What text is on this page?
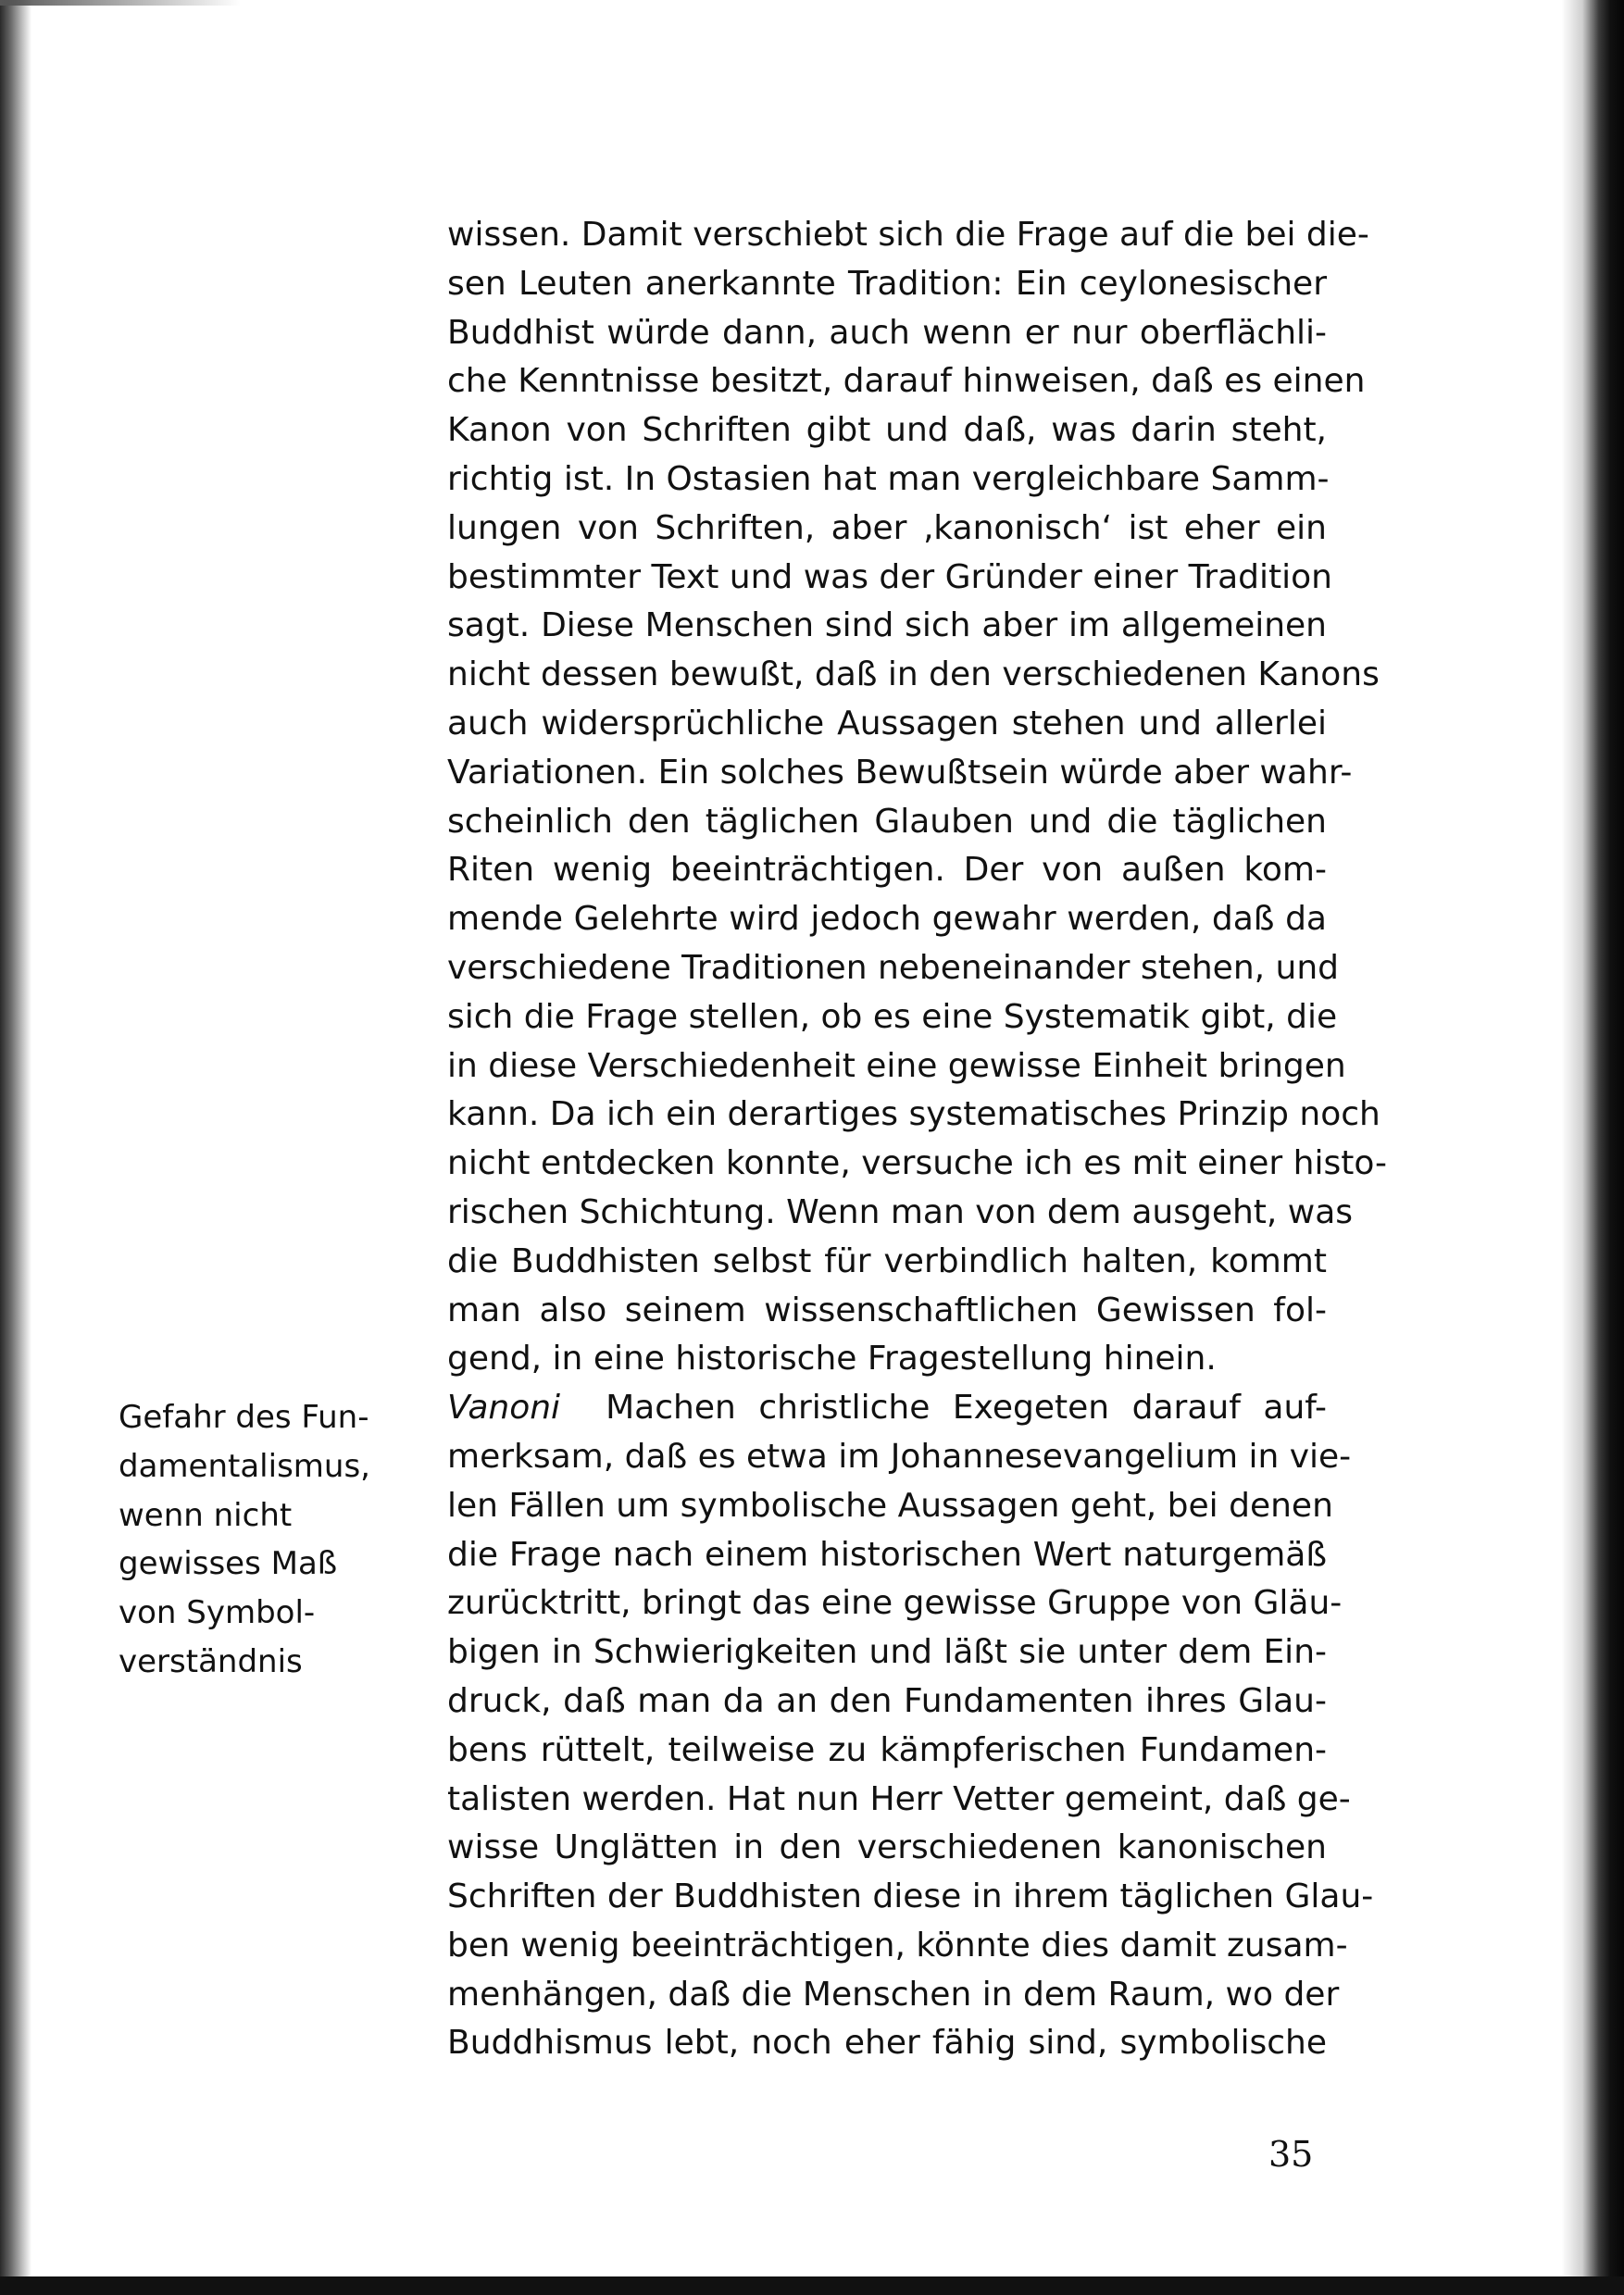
wissen. Damit verschiebt sich die Frage auf die bei die-
sen Leuten anerkannte Tradition: Ein ceylonesischer
Buddhist würde dann, auch wenn er nur oberflächli-
che Kenntnisse besitzt, darauf hinweisen, daß es einen
Kanon von Schriften gibt und daß, was darin steht,
richtig ist. In Ostasien hat man vergleichbare Samm-
lungen von Schriften, aber ‚kanonisch‘ ist eher ein
bestimmter Text und was der Gründer einer Tradition
sagt. Diese Menschen sind sich aber im allgemeinen
nicht dessen bewußt, daß in den verschiedenen Kanons
auch widersprüchliche Aussagen stehen und allerlei
Variationen. Ein solches Bewußtsein würde aber wahr-
scheinlich den täglichen Glauben und die täglichen
Riten wenig beeinträchtigen. Der von außen kom-
mende Gelehrte wird jedoch gewahr werden, daß da
verschiedene Traditionen nebeneinander stehen, und
sich die Frage stellen, ob es eine Systematik gibt, die
in diese Verschiedenheit eine gewisse Einheit bringen
kann. Da ich ein derartiges systematisches Prinzip noch
nicht entdecken konnte, versuche ich es mit einer histo-
rischen Schichtung. Wenn man von dem ausgeht, was
die Buddhisten selbst für verbindlich halten, kommt
man also seinem wissenschaftlichen Gewissen fol-
gend, in eine historische Fragestellung hinein.
Vanoni Machen christliche Exegeten darauf auf-
merksam, daß es etwa im Johannesevangelium in vie-
len Fällen um symbolische Aussagen geht, bei denen
die Frage nach einem historischen Wert naturgemäß
zurücktritt, bringt das eine gewisse Gruppe von Gläu-
bigen in Schwierigkeiten und läßt sie unter dem Ein-
druck, daß man da an den Fundamenten ihres Glau-
bens rüttelt, teilweise zu kämpferischen Fundamen-
talisten werden. Hat nun Herr Vetter gemeint, daß ge-
wisse Unglätten in den verschiedenen kanonischen
Schriften der Buddhisten diese in ihrem täglichen Glau-
ben wenig beeinträchtigen, könnte dies damit zusam-
menhängen, daß die Menschen in dem Raum, wo der
Buddhismus lebt, noch eher fähig sind, symbolische
Gefahr des Fun-
damentalismus,
wenn nicht
gewisses Maß
von Symbol-
verständnis
35
